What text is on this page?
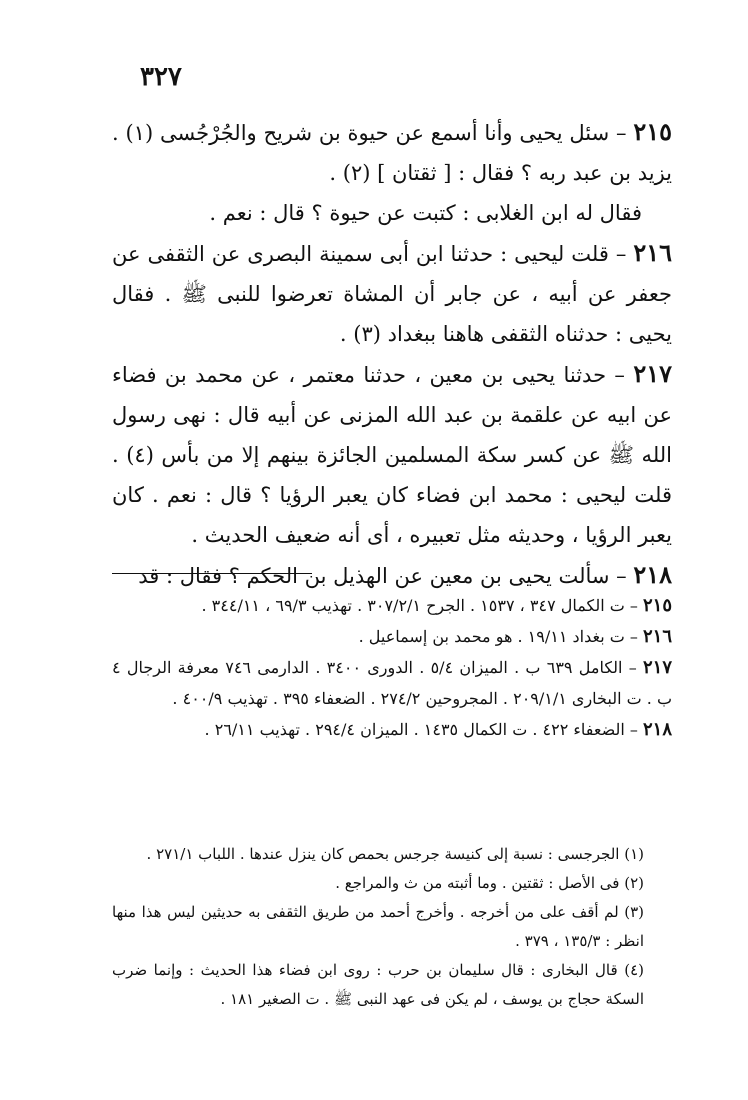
٣٢٧

٢١٥ – سئل يحيى وأنا أسمع عن حيوة بن شريح والجُرْجُسى (١) . يزيد بن عبد ربه ؟ فقال : [ ثقتان ] (٢) .

فقال له ابن الغلابى : كتبت عن حيوة ؟ قال : نعم .

٢١٦ – قلت ليحيى : حدثنا ابن أبى سمينة البصرى عن الثقفى عن جعفر عن أبيه ، عن جابر أن المشاة تعرضوا للنبى ﷺ . فقال يحيى : حدثناه الثقفى هاهنا ببغداد (٣) .

٢١٧ – حدثنا يحيى بن معين ، حدثنا معتمر ، عن محمد بن فضاء عن ابيه عن علقمة بن عبد الله المزنى عن أبيه قال : نهى رسول الله ﷺ عن كسر سكة المسلمين الجائزة بينهم إلا من بأس (٤) . قلت ليحيى : محمد ابن فضاء كان يعبر الرؤيا ؟ قال : نعم . كان يعبر الرؤيا ، وحديثه مثل تعبيره ، أى أنه ضعيف الحديث .

٢١٨ – سألت يحيى بن معين عن الهذيل بن الحكم ؟ فقال : قد

٢١٥ – ت الكمال ٣٤٧ ، ١٥٣٧ . الجرح ٣٠٧/٢/١ . تهذيب ٦٩/٣ ، ٣٤٤/١١ .

٢١٦ – ت بغداد ١٩/١١ . هو محمد بن إسماعيل .

٢١٧ – الكامل ٦٣٩ ب . الميزان ٥/٤ . الدورى ٣٤٠٠ . الدارمى ٧٤٦ معرفة الرجال ٤ ب . ت البخارى ٢٠٩/١/١ . المجروحين ٢٧٤/٢ . الضعفاء ٣٩٥ . تهذيب ٤٠٠/٩ .

٢١٨ – الضعفاء ٤٢٢ . ت الكمال ١٤٣٥ . الميزان ٢٩٤/٤ . تهذيب ٢٦/١١ .

(١) الجرجسى : نسبة إلى كنيسة جرجس بحمص كان ينزل عندها . اللباب ٢٧١/١ .

(٢) فى الأصل : ثقتين . وما أثبته من ث والمراجع .

(٣) لم أقف على من أخرجه . وأخرج أحمد من طريق الثقفى به حديثين ليس هذا منها انظر : ١٣٥/٣ ، ٣٧٩ .

(٤) قال البخارى : قال سليمان بن حرب : روى ابن فضاء هذا الحديث : وإنما ضرب السكة حجاج بن يوسف ، لم يكن فى عهد النبى ﷺ . ت الصغير ١٨١ .
